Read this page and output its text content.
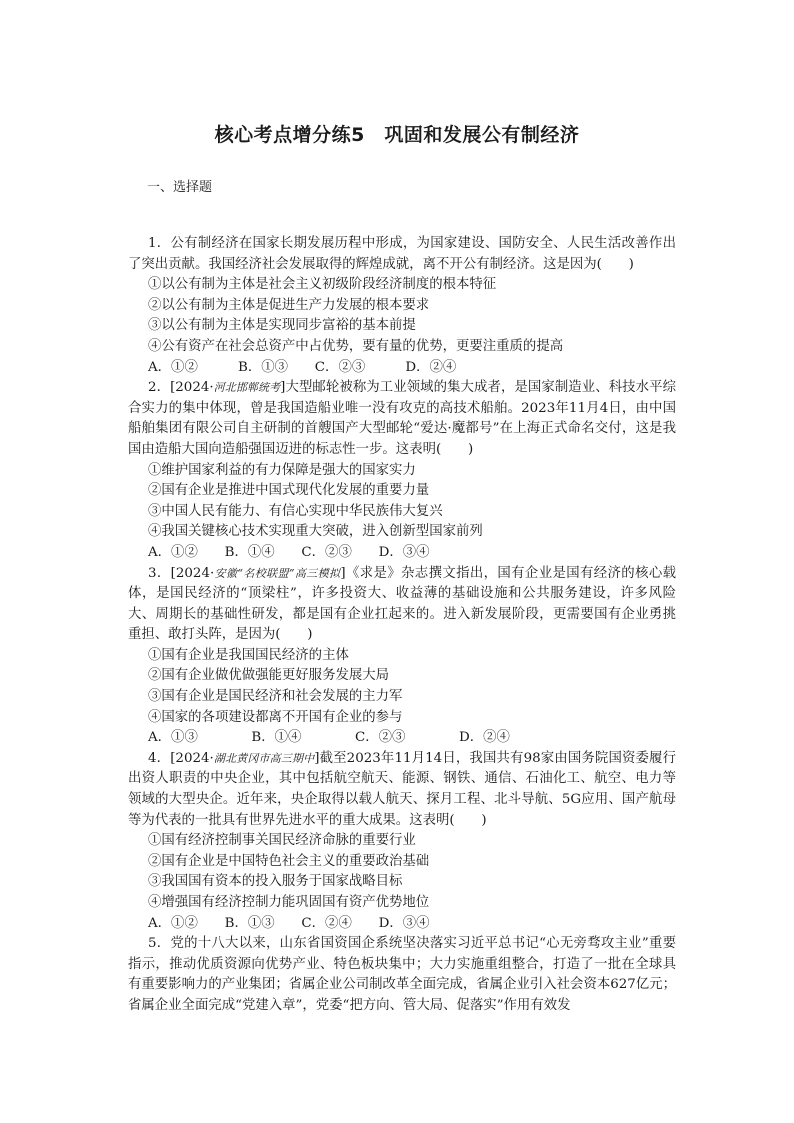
核心考点增分练5　巩固和发展公有制经济

一、选择题

1．公有制经济在国家长期发展历程中形成，为国家建设、国防安全、人民生活改善作出了突出贡献。我国经济社会发展取得的辉煌成就，离不开公有制经济。这是因为(　　)

①以公有制为主体是社会主义初级阶段经济制度的根本特征

②以公有制为主体是促进生产力发展的根本要求

③以公有制为主体是实现同步富裕的基本前提

④公有资产在社会总资产中占优势，要有量的优势，更要注重质的提高

A．①②　　　B．①③　　C．②③　　　D．②④

2．[2024·河北邯郸统考]大型邮轮被称为工业领域的集大成者，是国家制造业、科技水平综合实力的集中体现，曾是我国造船业唯一没有攻克的高技术船舶。2023年11月4日，由中国船舶集团有限公司自主研制的首艘国产大型邮轮“爱达·魔都号”在上海正式命名交付，这是我国由造船大国向造船强国迈进的标志性一步。这表明(　　)

①维护国家利益的有力保障是强大的国家实力

②国有企业是推进中国式现代化发展的重要力量

③中国人民有能力、有信心实现中华民族伟大复兴

④我国关键核心技术实现重大突破，进入创新型国家前列

A．①②　　B．①④　　C．②③　　D．③④

3．[2024·安徽“名校联盟”高三模拟]《求是》杂志撰文指出，国有企业是国有经济的核心载体，是国民经济的“顶梁柱”，许多投资大、收益薄的基础设施和公共服务建设，许多风险大、周期长的基础性研发，都是国有企业扛起来的。进入新发展阶段，更需要国有企业勇挑重担、敢打头阵，是因为(　　)

①国有企业是我国国民经济的主体

②国有企业做优做强能更好服务发展大局

③国有企业是国民经济和社会发展的主力军

④国家的各项建设都离不开国有企业的参与

A．①③　　　　B．①④　　　　C．②③　　　　D．②④

4．[2024·湖北黄冈市高三期中]截至2023年11月14日，我国共有98家由国务院国资委履行出资人职责的中央企业，其中包括航空航天、能源、钢铁、通信、石油化工、航空、电力等领域的大型央企。近年来，央企取得以载人航天、探月工程、北斗导航、5G应用、国产航母等为代表的一批具有世界先进水平的重大成果。这表明(　　)

①国有经济控制事关国民经济命脉的重要行业

②国有企业是中国特色社会主义的重要政治基础

③我国国有资本的投入服务于国家战略目标

④增强国有经济控制力能巩固国有资产优势地位

A．①②　　B．①③　　C．②④　　D．③④

5．党的十八大以来，山东省国资国企系统坚决落实习近平总书记“心无旁骛攻主业”重要指示，推动优质资源向优势产业、特色板块集中；大力实施重组整合，打造了一批在全球具有重要影响力的产业集团；省属企业公司制改革全面完成，省属企业引入社会资本627亿元；省属企业全面完成“党建入章”，党委“把方向、管大局、促落实”作用有效发
